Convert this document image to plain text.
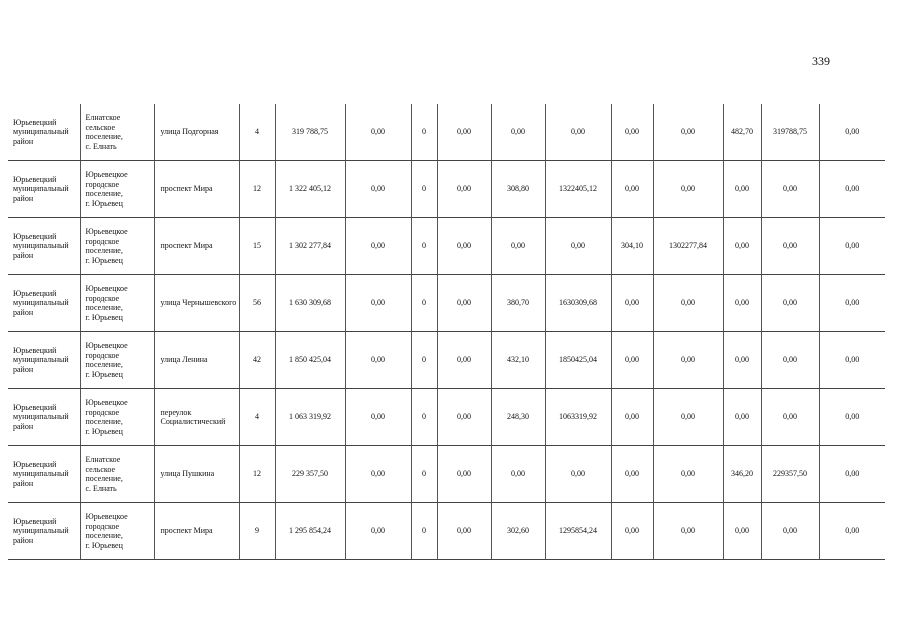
339
Юрьевецкий
муниципальный
район	Елнатское
сельское
поселение,
с. Елнать	улица Подгорная	4	319 788,75	0,00	0	0,00	0,00	0,00	0,00	0,00	482,70	319788,75	0,00
Юрьевецкий
муниципальный
район	Юрьевецкое
городское
поселение,
г. Юрьевец	проспект Мира	12	1 322 405,12	0,00	0	0,00	308,80	1322405,12	0,00	0,00	0,00	0,00	0,00
Юрьевецкий
муниципальный
район	Юрьевецкое
городское
поселение,
г. Юрьевец	проспект Мира	15	1 302 277,84	0,00	0	0,00	0,00	0,00	304,10	1302277,84	0,00	0,00	0,00
Юрьевецкий
муниципальный
район	Юрьевецкое
городское
поселение,
г. Юрьевец	улица Чернышевского	56	1 630 309,68	0,00	0	0,00	380,70	1630309,68	0,00	0,00	0,00	0,00	0,00
Юрьевецкий
муниципальный
район	Юрьевецкое
городское
поселение,
г. Юрьевец	улица Ленина	42	1 850 425,04	0,00	0	0,00	432,10	1850425,04	0,00	0,00	0,00	0,00	0,00
Юрьевецкий
муниципальный
район	Юрьевецкое
городское
поселение,
г. Юрьевец	переулок Социалистический	4	1 063 319,92	0,00	0	0,00	248,30	1063319,92	0,00	0,00	0,00	0,00	0,00
Юрьевецкий
муниципальный
район	Елнатское
сельское
поселение,
с. Елнать	улица Пушкина	12	229 357,50	0,00	0	0,00	0,00	0,00	0,00	0,00	346,20	229357,50	0,00
Юрьевецкий
муниципальный
район	Юрьевецкое
городское
поселение,
г. Юрьевец	проспект Мира	9	1 295 854,24	0,00	0	0,00	302,60	1295854,24	0,00	0,00	0,00	0,00	0,00
